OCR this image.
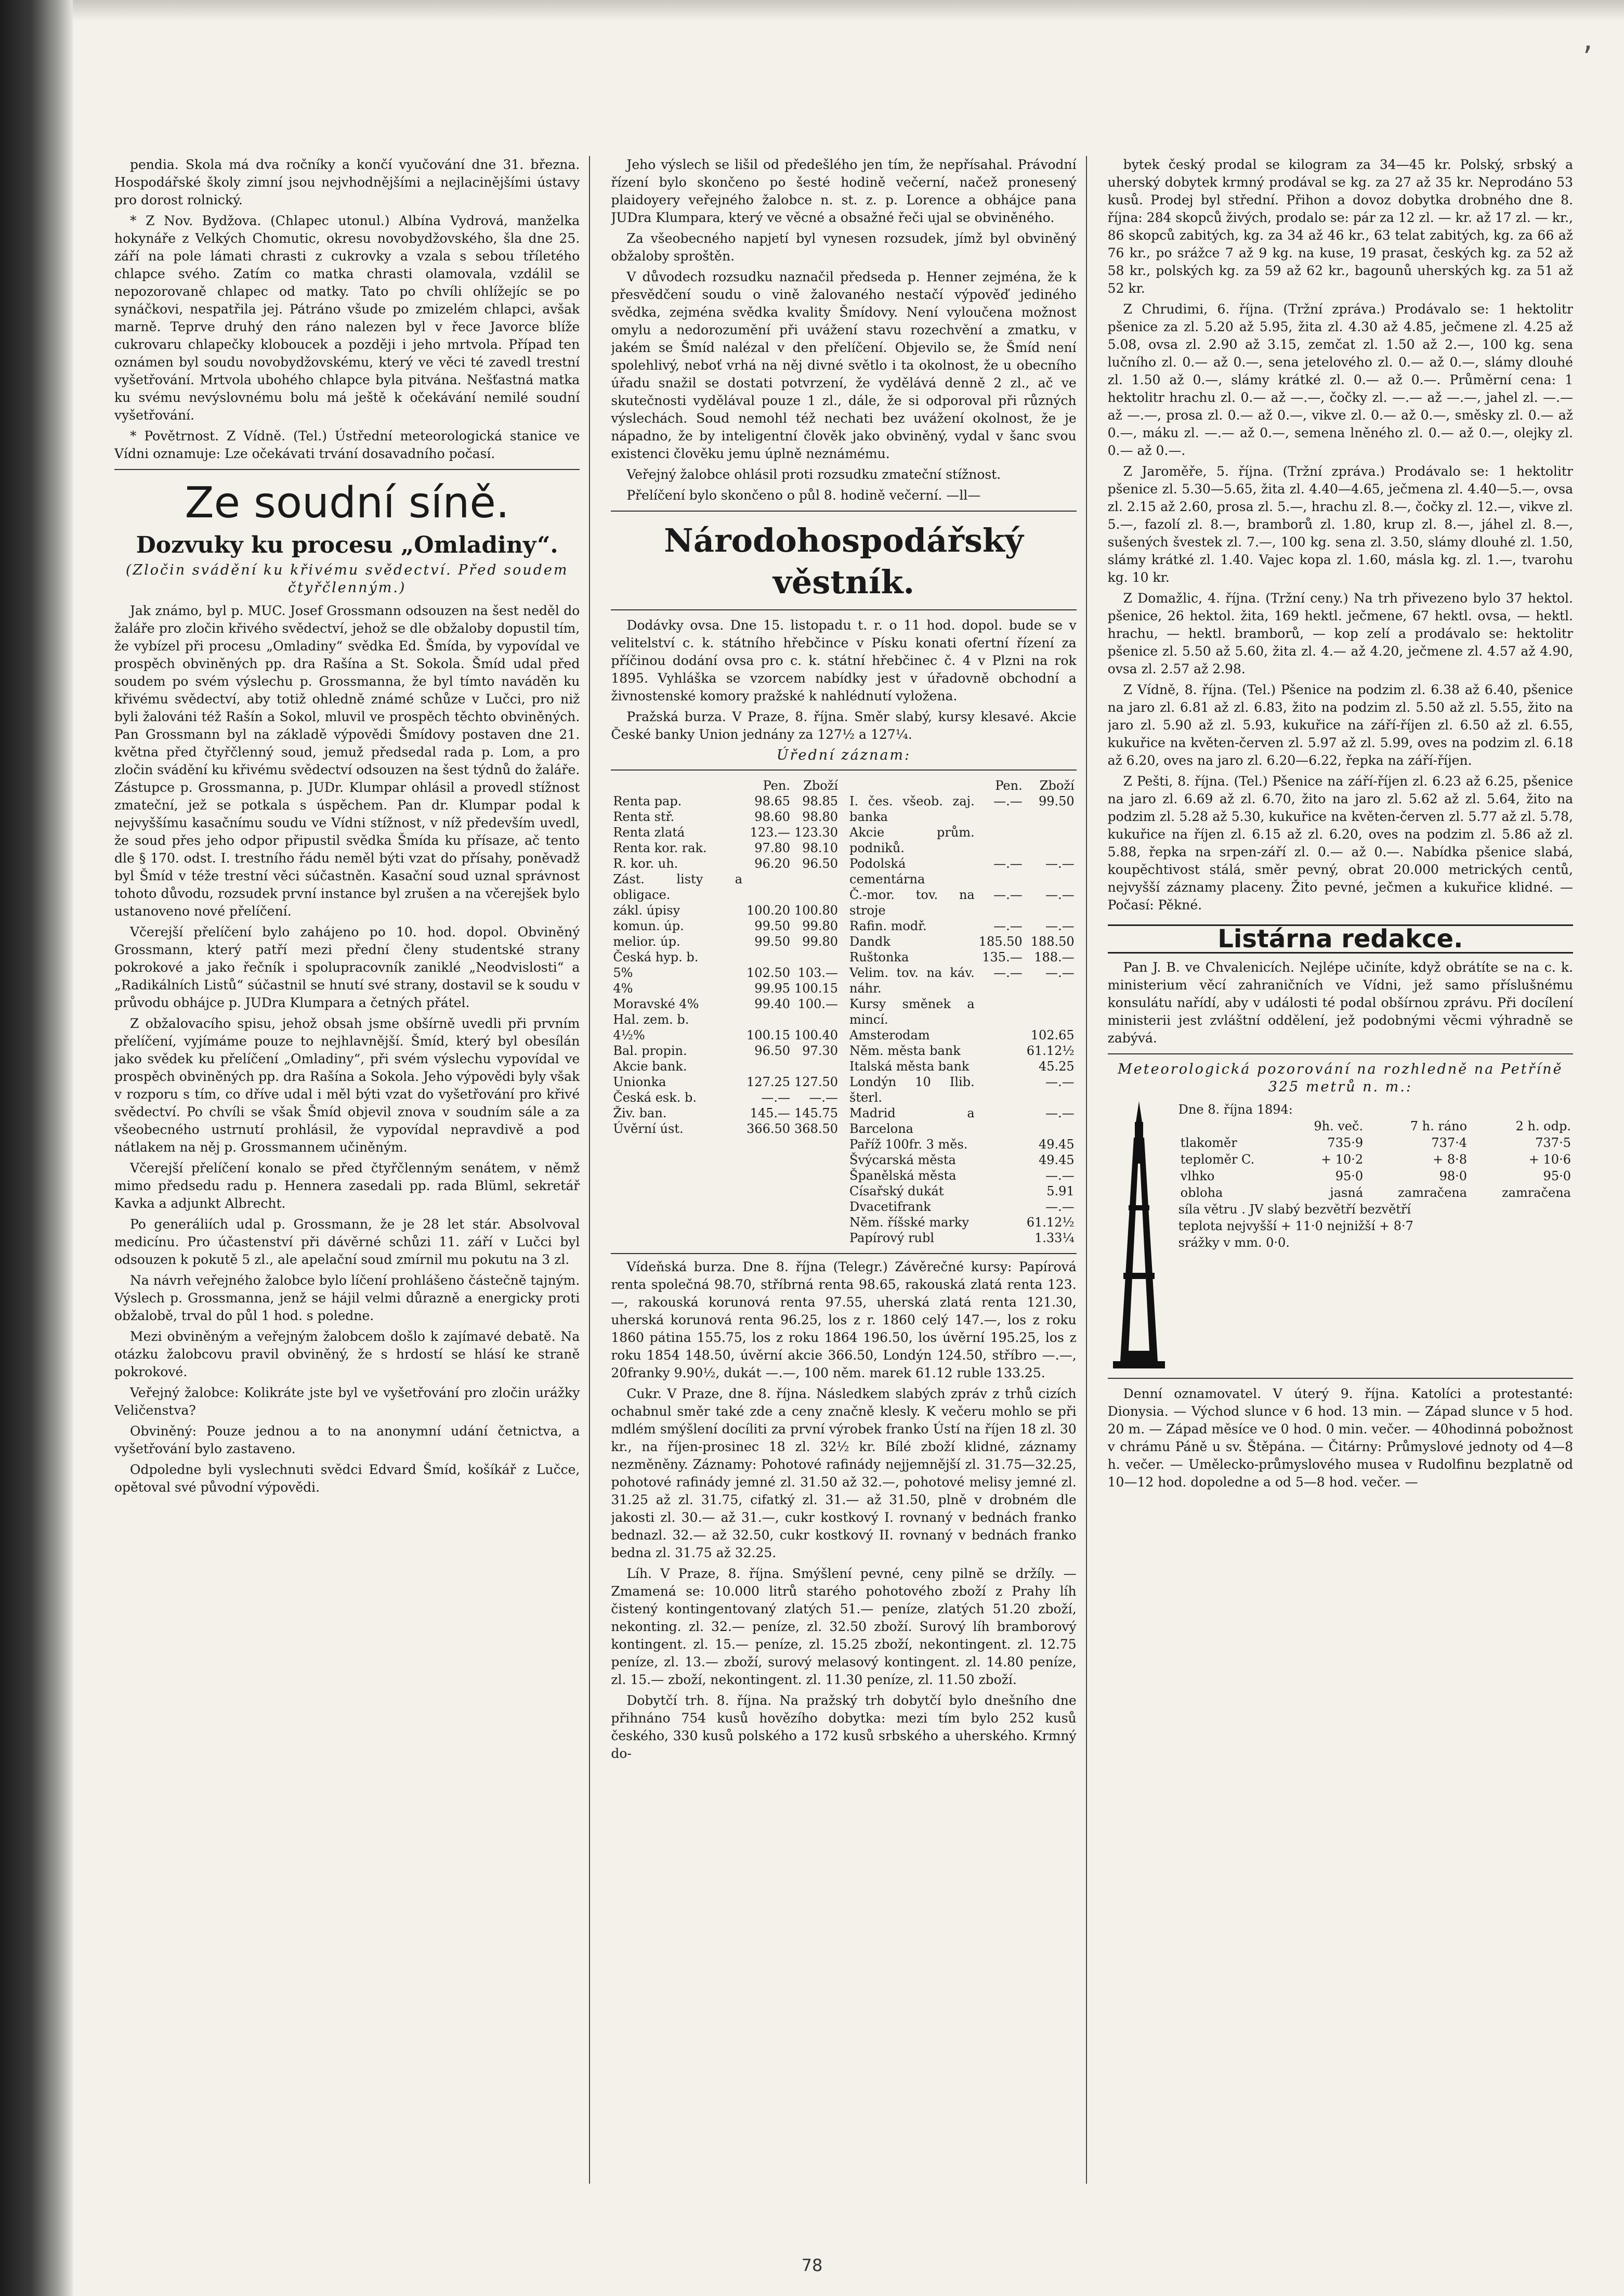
,

pendia. Skola má dva ročníky a končí vyučování dne 31. března. Hospodářské školy zimní jsou nejvhodnějšími a nejlacinějšími ústavy pro dorost rolnický.

* Z Nov. Bydžova. (Chlapec utonul.) Albína Vydrová, manželka hokynáře z Velkých Chomutic, okresu novobydžovského, šla dne 25. září na pole lámati chrasti z cukrovky a vzala s sebou tříletého chlapce svého. Zatím co matka chrasti olamovala, vzdálil se nepozorovaně chlapec od matky. Tato po chvíli ohlížejíc se po synáčkovi, nespatřila jej. Pátráno všude po zmizelém chlapci, avšak marně. Teprve druhý den ráno nalezen byl v řece Javorce blíže cukrovaru chlapečky kloboucek a později i jeho mrtvola. Případ ten oznámen byl soudu novobydžovskému, který ve věci té zavedl trestní vyšetřování. Mrtvola ubohého chlapce byla pitvána. Nešťastná matka ku svému nevýslovnému bolu má ještě k očekávání nemilé soudní vyšetřování.

* Povětrnost. Z Vídně. (Tel.) Ústřední meteorologická stanice ve Vídni oznamuje: Lze očekávati trvání dosavadního počasí.

Ze soudní síně.
Dozvuky ku procesu „Omladiny“.
(Zločin svádění ku křivému svědectví. Před soudem čtyřčlenným.)

Jak známo, byl p. MUC. Josef Grossmann odsouzen na šest neděl do žaláře pro zločin křivého svědectví, jehož se dle obžaloby dopustil tím, že vybízel při procesu „Omladiny“ svědka Ed. Šmída, by vypovídal ve prospěch obviněných pp. dra Rašína a St. Sokola. Šmíd udal před soudem po svém výslechu p. Grossmanna, že byl tímto naváděn ku křivému svědectví, aby totiž ohledně známé schůze v Lučci, pro niž byli žalováni též Rašín a Sokol, mluvil ve prospěch těchto obviněných. Pan Grossmann byl na základě výpovědi Šmídovy postaven dne 21. května před čtyřčlenný soud, jemuž předsedal rada p. Lom, a pro zločin svádění ku křivému svědectví odsouzen na šest týdnů do žaláře. Zástupce p. Grossmanna, p. JUDr. Klumpar ohlásil a provedl stížnost zmateční, jež se potkala s úspěchem. Pan dr. Klumpar podal k nejvyššímu kasačnímu soudu ve Vídni stížnost, v níž především uvedl, že soud přes jeho odpor připustil svědka Šmída ku přísaze, ač tento dle § 170. odst. I. trestního řádu neměl býti vzat do přísahy, poněvadž byl Šmíd v téže trestní věci súčastněn. Kasační soud uznal správnost tohoto důvodu, rozsudek první instance byl zrušen a na včerejšek bylo ustanoveno nové přelíčení.

Včerejší přelíčení bylo zahájeno po 10. hod. dopol. Obviněný Grossmann, který patří mezi přední členy studentské strany pokrokové a jako řečník i spolupracovník zaniklé „Neodvislosti“ a „Radikálních Listů“ súčastnil se hnutí své strany, dostavil se k soudu v průvodu obhájce p. JUDra Klumpara a četných přátel.

Z obžalovacího spisu, jehož obsah jsme obšírně uvedli při prvním přelíčení, vyjímáme pouze to nejhlavnější. Šmíd, který byl obesílán jako svědek ku přelíčení „Omladiny“, při svém výslechu vypovídal ve prospěch obviněných pp. dra Rašína a Sokola. Jeho výpovědi byly však v rozporu s tím, co dříve udal i měl býti vzat do vyšetřování pro křivé svědectví. Po chvíli se však Šmíd objevil znova v soudním sále a za všeobecného ustrnutí prohlásil, že vypovídal nepravdivě a pod nátlakem na něj p. Grossmannem učiněným.

Včerejší přelíčení konalo se před čtyřčlenným senátem, v němž mimo předsedu radu p. Hennera zasedali pp. rada Blüml, sekretář Kavka a adjunkt Albrecht.

Po generáliích udal p. Grossmann, že je 28 let stár. Absolvoval medicínu. Pro účastenství při dávěrné schůzi 11. září v Lučci byl odsouzen k pokutě 5 zl., ale apelační soud zmírnil mu pokutu na 3 zl.

Na návrh veřejného žalobce bylo líčení prohlášeno částečně tajným. Výslech p. Grossmanna, jenž se hájil velmi důrazně a energicky proti obžalobě, trval do půl 1 hod. s poledne.

Mezi obviněným a veřejným žalobcem došlo k zajímavé debatě. Na otázku žalobcovu pravil obviněný, že s hrdostí se hlásí ke straně pokrokové.

Veřejný žalobce: Kolikráte jste byl ve vyšetřování pro zločin urážky Veličenstva?

Obviněný: Pouze jednou a to na anonymní udání četnictva, a vyšetřování bylo zastaveno.

Odpoledne byli vyslechnuti svědci Edvard Šmíd, košíkář z Lučce, opětoval své původní výpovědi.

Jeho výslech se lišil od předešlého jen tím, že nepřísahal. Právodní řízení bylo skončeno po šesté hodině večerní, načež pronesený plaidoyery veřejného žalobce n. st. z. p. Lorence a obhájce pana JUDra Klumpara, který ve věcné a obsažné řeči ujal se obviněného.

Za všeobecného napjetí byl vynesen rozsudek, jímž byl obviněný obžaloby sproštěn.

V důvodech rozsudku naznačil předseda p. Henner zejména, že k přesvědčení soudu o vině žalovaného nestačí výpověď jediného svědka, zejména svědka kvality Šmídovy. Není vyloučena možnost omylu a nedorozumění při uvážení stavu rozechvění a zmatku, v jakém se Šmíd nalézal v den přelíčení. Objevilo se, že Šmíd není spolehlivý, neboť vrhá na něj divné světlo i ta okolnost, že u obecního úřadu snažil se dostati potvrzení, že vydělává denně 2 zl., ač ve skutečnosti vydělával pouze 1 zl., dále, že si odporoval při různých výslechách. Soud nemohl též nechati bez uvážení okolnost, že je nápadno, že by inteligentní člověk jako obviněný, vydal v šanc svou existenci člověku jemu úplně neznámému.

Veřejný žalobce ohlásil proti rozsudku zmateční stížnost.

Přelíčení bylo skončeno o půl 8. hodině večerní. —ll—

Národohospodářský věstník.

Dodávky ovsa. Dne 15. listopadu t. r. o 11 hod. dopol. bude se v velitelství c. k. státního hřebčince v Písku konati ofertní řízení za příčinou dodání ovsa pro c. k. státní hřebčinec č. 4 v Plzni na rok 1895. Vyhláška se vzorcem nabídky jest v úřadovně obchodní a živnostenské komory pražské k nahlédnutí vyložena.

Pražská burza. V Praze, 8. října. Směr slabý, kursy klesavé. Akcie České banky Union jednány za 127½ a 127¼.

Úřední záznam:
	Pen.	Zboží
Renta pap.	98.65	98.85
Renta stř.	98.60	98.80
Renta zlatá	123.—	123.30
Renta kor. rak.	97.80	98.10
R. kor. uh.	96.20	96.50
Zást. listy a obligace.		
zákl. úpisy	100.20	100.80
komun. úp.	99.50	99.80
melior. úp.	99.50	99.80
Česká hyp. b.		
5%	102.50	103.—
4%	99.95	100.15
Moravské 4%	99.40	100.—
Hal. zem. b.		
4½%	100.15	100.40
Bal. propin.	96.50	97.30
Akcie bank.		
Unionka	127.25	127.50
Česká esk. b.	—.—	—.—
Živ. ban.	145.—	145.75
Úvěrní úst.	366.50	368.50
	Pen.	Zboží
I. čes. všeob. zaj. banka	—.—	99.50
Akcie prům. podniků.		
Podolská cementárna	—.—	—.—
Č.-mor. tov. na stroje	—.—	—.—
Rafin. modř.	—.—	—.—
Dandk	185.50	188.50
Ruštonka	135.—	188.—
Velim. tov. na káv. náhr.	—.—	—.—
Kursy směnek a mincí.		
Amsterodam		102.65
Něm. města bank		61.12½
Italská města bank		45.25
Londýn 10 Ilib. šterl.		—.—
Madrid a Barcelona		—.—
Paříž 100fr. 3 měs.		49.45
Švýcarská města		49.45
Španělská města		—.—
Císařský dukát		5.91
Dvacetifrank		—.—
Něm. říšské marky		61.12½
Papírový rubl		1.33¼

Vídeňská burza. Dne 8. října (Telegr.) Závěrečné kursy: Papírová renta společná 98.70, stříbrná renta 98.65, rakouská zlatá renta 123.—, rakouská korunová renta 97.55, uherská zlatá renta 121.30, uherská korunová renta 96.25, los z r. 1860 celý 147.—, los z roku 1860 pátina 155.75, los z roku 1864 196.50, los úvěrní 195.25, los z roku 1854 148.50, úvěrní akcie 366.50, Londýn 124.50, stříbro —.—, 20franky 9.90½, dukát —.—, 100 něm. marek 61.12 ruble 133.25.

Cukr. V Praze, dne 8. října. Následkem slabých zpráv z trhů cizích ochabnul směr také zde a ceny značně klesly. K večeru mohlo se při mdlém smýšlení docíliti za první výrobek franko Ústí na říjen 18 zl. 30 kr., na říjen-prosinec 18 zl. 32½ kr. Bílé zboží klidné, záznamy nezměněny. Záznamy: Pohotové rafinády nejjemnější zl. 31.75—32.25, pohotové rafinády jemné zl. 31.50 až 32.—, pohotové melisy jemné zl. 31.25 až zl. 31.75, cifatký zl. 31.— až 31.50, plně v drobném dle jakosti zl. 30.— až 31.—, cukr kostkový I. rovnaný v bednách franko bednazl. 32.— až 32.50, cukr kostkový II. rovnaný v bednách franko bedna zl. 31.75 až 32.25.

Líh. V Praze, 8. října. Smýšlení pevné, ceny pilně se držíly. — Zmamená se: 10.000 litrů starého pohotového zboží z Prahy líh čistený kontingentovaný zlatých 51.— peníze, zlatých 51.20 zboží, nekonting. zl. 32.— peníze, zl. 32.50 zboží. Surový líh bramborový kontingent. zl. 15.— peníze, zl. 15.25 zboží, nekontingent. zl. 12.75 peníze, zl. 13.— zboží, surový melasový kontingent. zl. 14.80 peníze, zl. 15.— zboží, nekontingent. zl. 11.30 peníze, zl. 11.50 zboží.

Dobytčí trh. 8. října. Na pražský trh dobytčí bylo dnešního dne přihnáno 754 kusů hovězího dobytka: mezi tím bylo 252 kusů českého, 330 kusů polského a 172 kusů srbského a uherského. Krmný do-

bytek český prodal se kilogram za 34—45 kr. Polský, srbský a uherský dobytek krmný prodával se kg. za 27 až 35 kr. Neprodáno 53 kusů. Prodej byl střední. Přihon a dovoz dobytka drobného dne 8. října: 284 skopců živých, prodalo se: pár za 12 zl. — kr. až 17 zl. — kr., 86 skopců zabitých, kg. za 34 až 46 kr., 63 telat zabitých, kg. za 66 až 76 kr., po srážce 7 až 9 kg. na kuse, 19 prasat, českých kg. za 52 až 58 kr., polských kg. za 59 až 62 kr., bagounů uherských kg. za 51 až 52 kr.

Z Chrudimi, 6. října. (Tržní zpráva.) Prodávalo se: 1 hektolitr pšenice za zl. 5.20 až 5.95, žita zl. 4.30 až 4.85, ječmene zl. 4.25 až 5.08, ovsa zl. 2.90 až 3.15, zemčat zl. 1.50 až 2.—, 100 kg. sena lučního zl. 0.— až 0.—, sena jetelového zl. 0.— až 0.—, slámy dlouhé zl. 1.50 až 0.—, slámy krátké zl. 0.— až 0.—. Průměrní cena: 1 hektolitr hrachu zl. 0.— až —.—, čočky zl. —.— až —.—, jahel zl. —.— až —.—, prosa zl. 0.— až 0.—, vikve zl. 0.— až 0.—, směsky zl. 0.— až 0.—, máku zl. —.— až 0.—, semena lněného zl. 0.— až 0.—, olejky zl. 0.— až 0.—.

Z Jaroměře, 5. října. (Tržní zpráva.) Prodávalo se: 1 hektolitr pšenice zl. 5.30—5.65, žita zl. 4.40—4.65, ječmena zl. 4.40—5.—, ovsa zl. 2.15 až 2.60, prosa zl. 5.—, hrachu zl. 8.—, čočky zl. 12.—, vikve zl. 5.—, fazolí zl. 8.—, bramborů zl. 1.80, krup zl. 8.—, jáhel zl. 8.—, sušených švestek zl. 7.—, 100 kg. sena zl. 3.50, slámy dlouhé zl. 1.50, slámy krátké zl. 1.40. Vajec kopa zl. 1.60, másla kg. zl. 1.—, tvarohu kg. 10 kr.

Z Domažlic, 4. října. (Tržní ceny.) Na trh přivezeno bylo 37 hektol. pšenice, 26 hektol. žita, 169 hektl. ječmene, 67 hektl. ovsa, — hektl. hrachu, — hektl. bramborů, — kop zelí a prodávalo se: hektolitr pšenice zl. 5.50 až 5.60, žita zl. 4.— až 4.20, ječmene zl. 4.57 až 4.90, ovsa zl. 2.57 až 2.98.

Z Vídně, 8. října. (Tel.) Pšenice na podzim zl. 6.38 až 6.40, pšenice na jaro zl. 6.81 až zl. 6.83, žito na podzim zl. 5.50 až zl. 5.55, žito na jaro zl. 5.90 až zl. 5.93, kukuřice na září-říjen zl. 6.50 až zl. 6.55, kukuřice na květen-červen zl. 5.97 až zl. 5.99, oves na podzim zl. 6.18 až 6.20, oves na jaro zl. 6.20—6.22, řepka na září-říjen.

Z Pešti, 8. října. (Tel.) Pšenice na září-říjen zl. 6.23 až 6.25, pšenice na jaro zl. 6.69 až zl. 6.70, žito na jaro zl. 5.62 až zl. 5.64, žito na podzim zl. 5.28 až 5.30, kukuřice na květen-červen zl. 5.77 až zl. 5.78, kukuřice na říjen zl. 6.15 až zl. 6.20, oves na podzim zl. 5.86 až zl. 5.88, řepka na srpen-září zl. 0.— až 0.—. Nabídka pšenice slabá, koupěchtivost stálá, směr pevný, obrat 20.000 metrických centů, nejvyšší záznamy placeny. Žito pevné, ječmen a kukuřice klidné. — Počasí: Pěkné.

Listárna redakce.

Pan J. B. ve Chvalenicích. Nejlépe učiníte, když obrátíte se na c. k. ministerium věcí zahraničních ve Vídni, jež samo příslušnému konsulátu nařídí, aby v události té podal obšírnou zprávu. Při docílení ministerii jest zvláštní oddělení, jež podobnými věcmi výhradně se zabývá.

Meteorologická pozorování na rozhledně na Petříně 325 metrů n. m.:
Dne 8. října 1894:
	9h. več.	7 h. ráno	2 h. odp.
tlakoměr	735·9	737·4	737·5
teploměr C.	+ 10·2	+ 8·8	+ 10·6
vlhko	95·0	98·0	95·0
oblohа	jasná	zamračena	zamračena
síla větru . JV slabý bezvětří bezvětří
teplota nejvyšší + 11·0 nejnižší + 8·7
srážky v mm. 0·0.

Denní oznamovatel. V úterý 9. října. Katolíci a protestanté: Dionysia. — Východ slunce v 6 hod. 13 min. — Západ slunce v 5 hod. 20 m. — Západ měsíce ve 0 hod. 0 min. večer. — 40hodinná pobožnost v chrámu Páně u sv. Štěpána. — Čitárny: Průmyslové jednoty od 4—8 h. večer. — Umělecko-průmyslového musea v Rudolfinu bezplatně od 10—12 hod. dopoledne a od 5—8 hod. večer. —

78
